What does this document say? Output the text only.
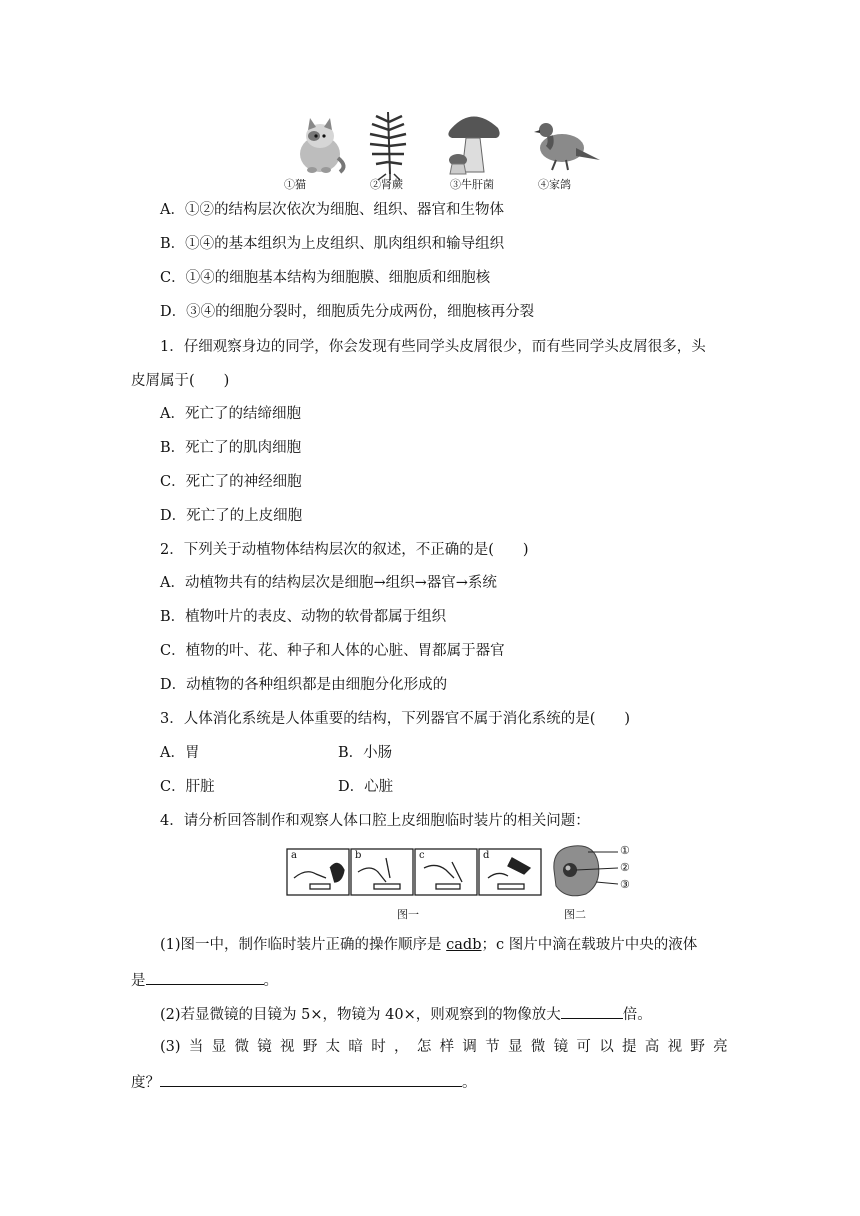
①猫	②肾蕨	③牛肝菌	④家鸽
A．①②的结构层次依次为细胞、组织、器官和生物体
B．①④的基本组织为上皮组织、肌肉组织和输导组织
C．①④的细胞基本结构为细胞膜、细胞质和细胞核
D．③④的细胞分裂时，细胞质先分成两份，细胞核再分裂
1．仔细观察身边的同学，你会发现有些同学头皮屑很少，而有些同学头皮屑很多，头
皮屑属于(　　)
A．死亡了的结缔细胞
B．死亡了的肌肉细胞
C．死亡了的神经细胞
D．死亡了的上皮细胞
2．下列关于动植物体结构层次的叙述，不正确的是(　　)
A．动植物共有的结构层次是细胞→组织→器官→系统
B．植物叶片的表皮、动物的软骨都属于组织
C．植物的叶、花、种子和人体的心脏、胃都属于器官
D．动植物的各种组织都是由细胞分化形成的
3．人体消化系统是人体重要的结构，下列器官不属于消化系统的是(　　)
A．胃	B．小肠
C．肝脏	D．心脏
4．请分析回答制作和观察人体口腔上皮细胞临时装片的相关问题：
a	b	c	d	①
②
③
图一	图二
(1)图一中，制作临时装片正确的操作顺序是 cadb；c 图片中滴在载玻片中央的液体
是	。
(2)若显微镜的目镜为 5×，物镜为 40×，则观察到的物像放大	倍。
(3) 当 显 微 镜 视 野 太 暗 时 ， 怎 样 调 节 显 微 镜 可 以 提 高 视 野 亮
度？	。
